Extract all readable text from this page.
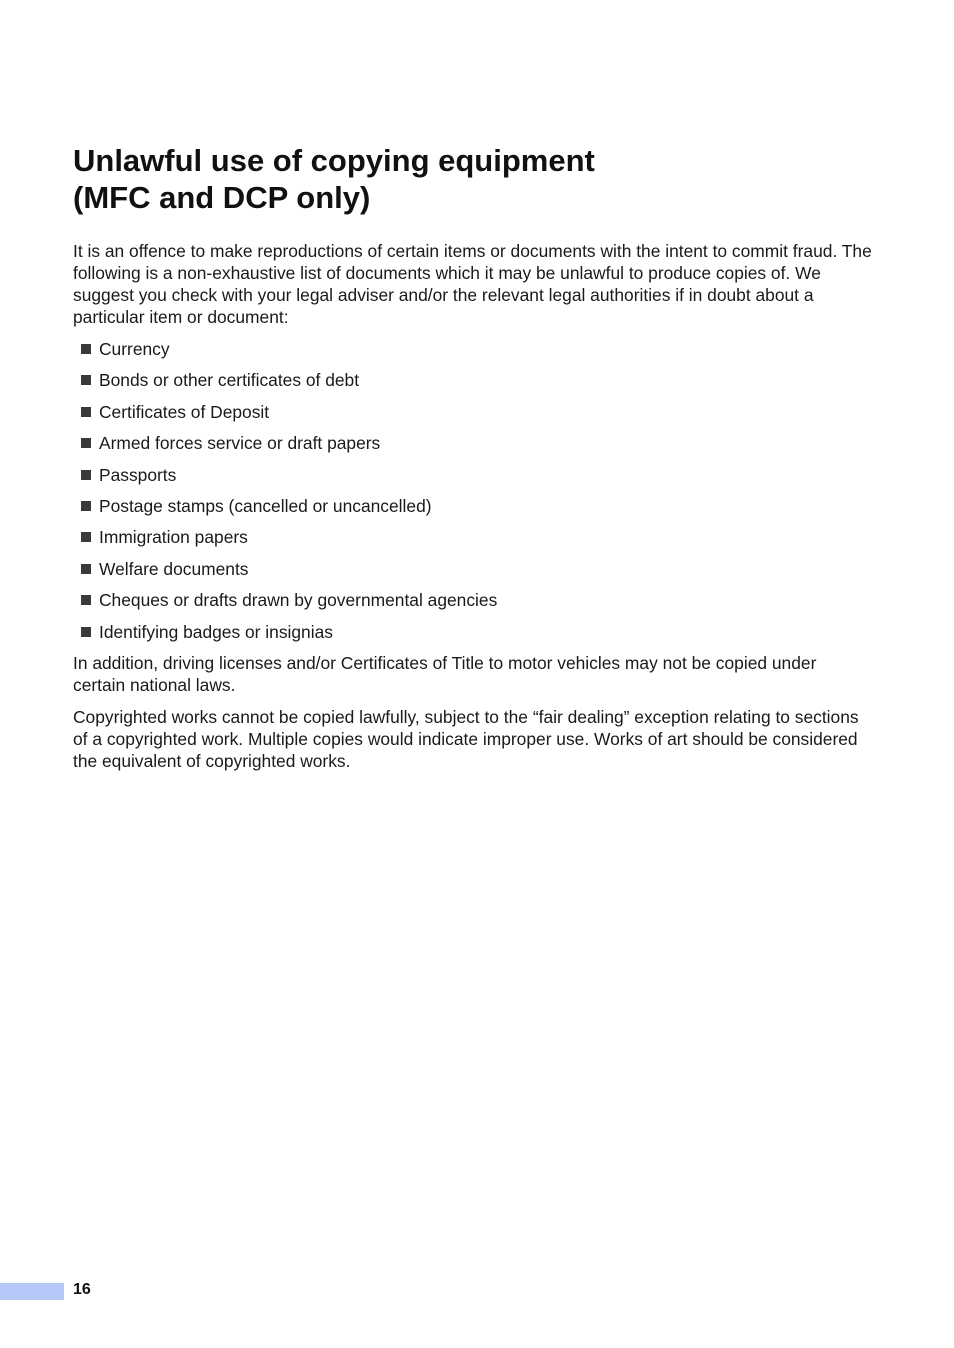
Unlawful use of copying equipment
(MFC and DCP only)

It is an offence to make reproductions of certain items or documents with the intent to commit fraud. The following is a non-exhaustive list of documents which it may be unlawful to produce copies of. We suggest you check with your legal adviser and/or the relevant legal authorities if in doubt about a particular item or document:

Currency
Bonds or other certificates of debt
Certificates of Deposit
Armed forces service or draft papers
Passports
Postage stamps (cancelled or uncancelled)
Immigration papers
Welfare documents
Cheques or drafts drawn by governmental agencies
Identifying badges or insignias

In addition, driving licenses and/or Certificates of Title to motor vehicles may not be copied under certain national laws.

Copyrighted works cannot be copied lawfully, subject to the “fair dealing” exception relating to sections of a copyrighted work. Multiple copies would indicate improper use. Works of art should be considered the equivalent of copyrighted works.

16
